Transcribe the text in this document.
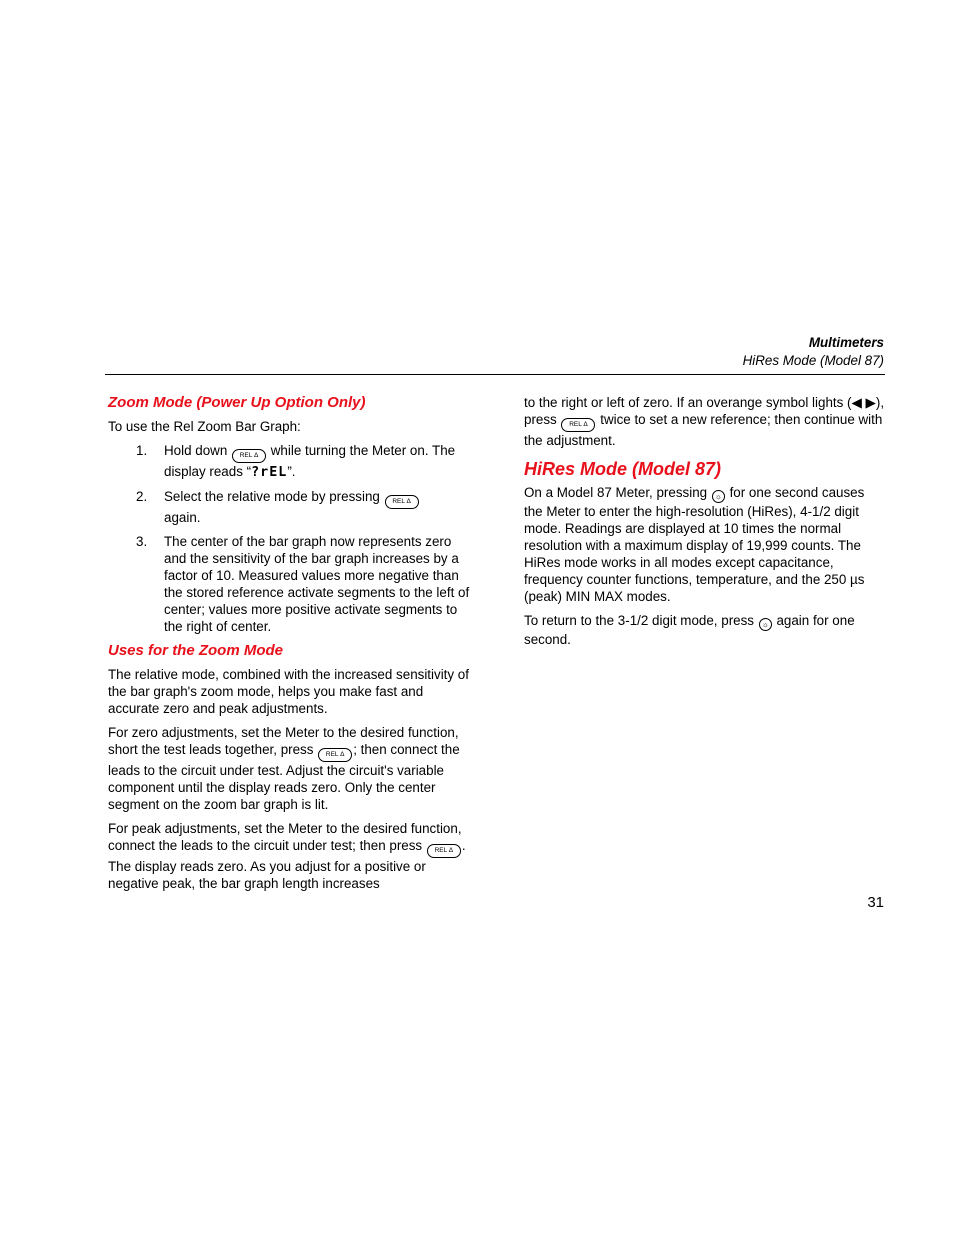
Multimeters
HiRes Mode (Model 87)
Zoom Mode (Power Up Option Only)

To use the Rel Zoom Bar Graph:

1. Hold down REL Δ while turning the Meter on. The display reads “?rEL”.
2. Select the relative mode by pressing REL Δ
again.
3. The center of the bar graph now represents zero and the sensitivity of the bar graph increases by a factor of 10. Measured values more negative than the stored reference activate segments to the left of center; values more positive activate segments to the right of center.
Uses for the Zoom Mode

The relative mode, combined with the increased sensitivity of the bar graph's zoom mode, helps you make fast and accurate zero and peak adjustments.

For zero adjustments, set the Meter to the desired function, short the test leads together, press REL Δ ; then connect the leads to the circuit under test. Adjust the circuit's variable component until the display reads zero. Only the center segment on the zoom bar graph is lit.

For peak adjustments, set the Meter to the desired function, connect the leads to the circuit under test; then press REL Δ . The display reads zero. As you adjust for a positive or negative peak, the bar graph length increases

to the right or left of zero. If an overange symbol lights (◀ ▶), press REL Δ twice to set a new reference; then continue with the adjustment.

HiRes Mode (Model 87)

On a Model 87 Meter, pressing ☼ for one second causes the Meter to enter the high-resolution (HiRes), 4-1/2 digit mode. Readings are displayed at 10 times the normal resolution with a maximum display of 19,999 counts. The HiRes mode works in all modes except capacitance, frequency counter functions, temperature, and the 250 µs (peak) MIN MAX modes.

To return to the 3-1/2 digit mode, press ☼ again for one second.

31
